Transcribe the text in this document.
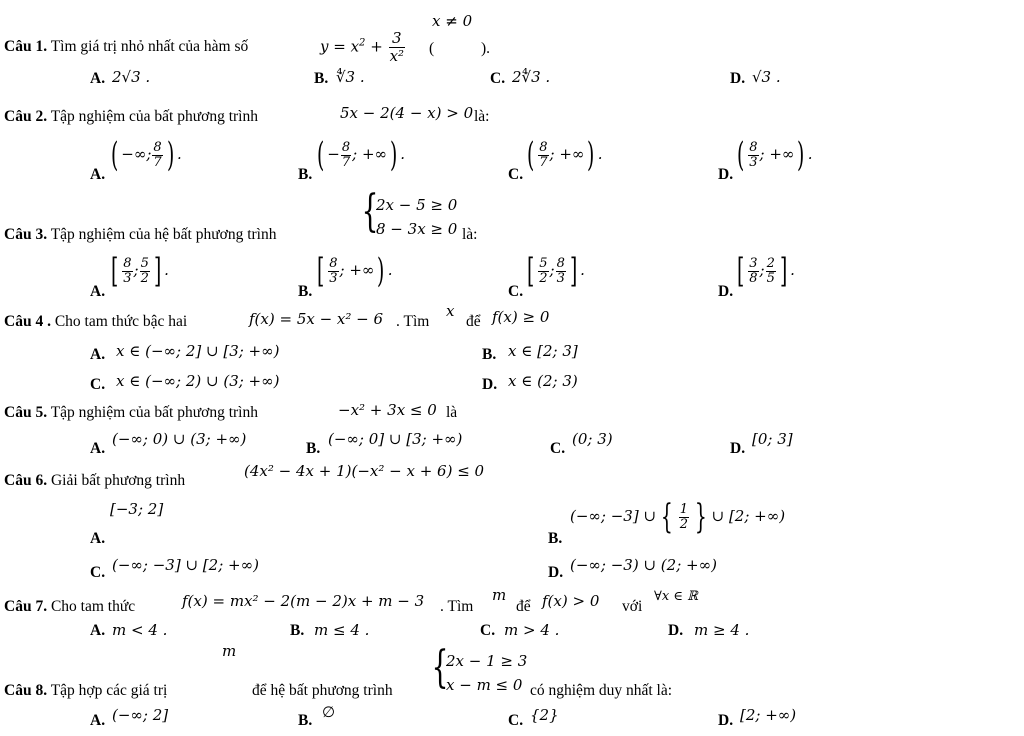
Câu 1. Tìm giá trị nhỏ nhất của hàm số	$y = x^2 + \frac{3}{\text{x²}}$
x ≠ 0
(	).
A. 2√3 .	B. ∜3 .	C. 2∜3 .	D. √3 .
Câu 2. Tập nghiệm của bất phương trình	5x − 2(4 − x) > 0 là:
A. ( −∞; $\frac{8}{7}$ ) .
B. ( − $\frac{8}{7}$ ; +∞) .
C. ( $\frac{8}{7}$ ; +∞) .
D. ( $\frac{8}{3}$ ; +∞) .
Câu 3. Tập nghiệm của hệ bất phương trình {
2x − 5 ≥ 0
8 − 3x ≥ 0 là:
A.
[ $\frac{8}{3}$ ; $\frac{5}{2}$ ] .
B.
[ $\frac{8}{3}$ ; +∞) .
C.
[ $\frac{5}{2}$ ; $\frac{8}{3}$ ] .
D.
[ $\frac{3}{8}$ ; $\frac{2}{5}$ ] .
Câu 4 . Cho tam thức bậc hai	f(x) = 5x − x² − 6 . Tìm
x
để f(x) ≥ 0
A. x ∈ (−∞; 2] ∪ [3; +∞)	B. x ∈ [2; 3]
C. x ∈ (−∞; 2) ∪ (3; +∞)	D. x ∈ (2; 3)
Câu 5. Tập nghiệm của bất phương trình	−x² + 3x ≤ 0 là
A.
(−∞; 0) ∪ (3; +∞)
B.
(−∞; 0] ∪ [3; +∞)
C.
(0; 3)
D.
[0; 3]
Câu 6. Giải bất phương trình
(4x² − 4x + 1)(−x² − x + 6) ≤ 0
[−3; 2]
A.	B.
(−∞; −3] ∪ { $\frac{1}{2}$ } ∪ [2; +∞)
C. (−∞; −3] ∪ [2; +∞)	D. (−∞; −3) ∪ (2; +∞)
Câu 7. Cho tam thức	f(x) = mx² − 2(m − 2)x + m − 3 . Tìm
m
để f(x) > 0 với
∀x ∈ ℝ
A. m < 4 .	B. m ≤ 4 .	C. m > 4 .	D. m ≥ 4 .
m
Câu 8. Tập hợp các giá trị	để hệ bất phương trình {
2x − 1 ≥ 3
x − m ≤ 0 có nghiệm duy nhất là:
A. (−∞; 2]	B. ∅	C. {2}	D. [2; +∞)
